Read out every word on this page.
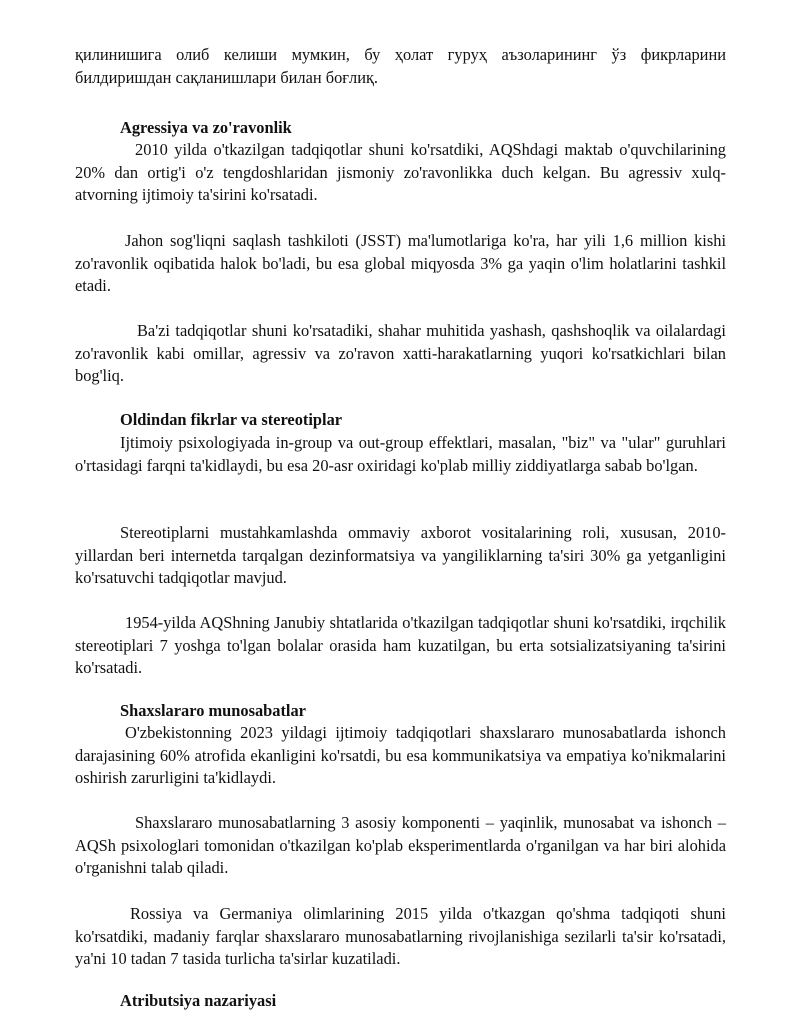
қилинишига олиб келиши мумкин, бу ҳолат гуруҳ аъзоларининг ўз фикрларини билдиришдан сақланишлари билан боғлиқ.
Agressiya va zo'ravonlik
2010 yilda o'tkazilgan tadqiqotlar shuni ko'rsatdiki, AQShdagi maktab o'quvchilarining 20% dan ortig'i o'z tengdoshlaridan jismoniy zo'ravonlikka duch kelgan. Bu agressiv xulq-atvorning ijtimoiy ta'sirini ko'rsatadi.
Jahon sog'liqni saqlash tashkiloti (JSST) ma'lumotlariga ko'ra, har yili 1,6 million kishi zo'ravonlik oqibatida halok bo'ladi, bu esa global miqyosda 3% ga yaqin o'lim holatlarini tashkil etadi.
Ba'zi tadqiqotlar shuni ko'rsatadiki, shahar muhitida yashash, qashshoqlik va oilalardagi zo'ravonlik kabi omillar, agressiv va zo'ravon xatti-harakatlarning yuqori ko'rsatkichlari bilan bog'liq.
Oldindan fikrlar va stereotiplar
Ijtimoiy psixologiyada in-group va out-group effektlari, masalan, "biz" va "ular" guruhlari o'rtasidagi farqni ta'kidlaydi, bu esa 20-asr oxiridagi ko'plab milliy ziddiyatlarga sabab bo'lgan.
Stereotiplarni mustahkamlashda ommaviy axborot vositalarining roli, xususan, 2010-yillardan beri internetda tarqalgan dezinformatsiya va yangiliklarning ta'siri 30% ga yetganligini ko'rsatuvchi tadqiqotlar mavjud.
1954-yilda AQShning Janubiy shtatlarida o'tkazilgan tadqiqotlar shuni ko'rsatdiki, irqchilik stereotiplari 7 yoshga to'lgan bolalar orasida ham kuzatilgan, bu erta sotsializatsiyaning ta'sirini ko'rsatadi.
Shaxslararo munosabatlar
O'zbekistonning 2023 yildagi ijtimoiy tadqiqotlari shaxslararo munosabatlarda ishonch darajasining 60% atrofida ekanligini ko'rsatdi, bu esa kommunikatsiya va empatiya ko'nikmalarini oshirish zarurligini ta'kidlaydi.
Shaxslararo munosabatlarning 3 asosiy komponenti – yaqinlik, munosabat va ishonch – AQSh psixologlari tomonidan o'tkazilgan ko'plab eksperimentlarda o'rganilgan va har biri alohida o'rganishni talab qiladi.
Rossiya va Germaniya olimlarining 2015 yilda o'tkazgan qo'shma tadqiqoti shuni ko'rsatdiki, madaniy farqlar shaxslararo munosabatlarning rivojlanishiga sezilarli ta'sir ko'rsatadi, ya'ni 10 tadan 7 tasida turlicha ta'sirlar kuzatiladi.
Atributsiya nazariyasi
